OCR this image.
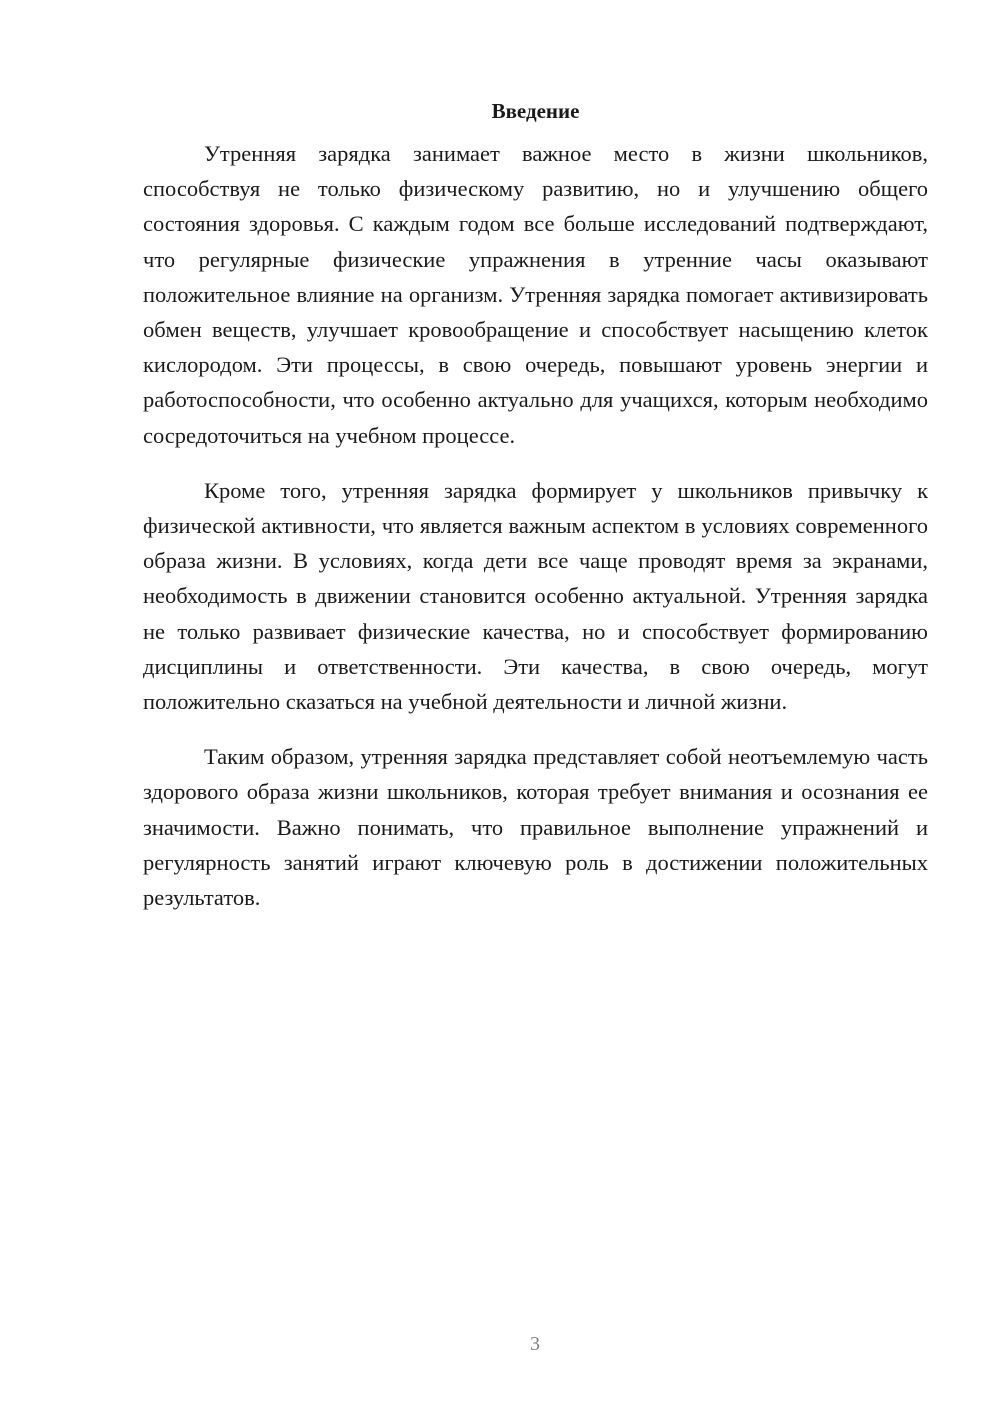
Введение

Утренняя зарядка занимает важное место в жизни школьников, способствуя не только физическому развитию, но и улучшению общего состояния здоровья. С каждым годом все больше исследований подтверждают, что регулярные физические упражнения в утренние часы оказывают положительное влияние на организм. Утренняя зарядка помогает активизировать обмен веществ, улучшает кровообращение и способствует насыщению клеток кислородом. Эти процессы, в свою очередь, повышают уровень энергии и работоспособности, что особенно актуально для учащихся, которым необходимо сосредоточиться на учебном процессе.

Кроме того, утренняя зарядка формирует у школьников привычку к физической активности, что является важным аспектом в условиях современного образа жизни. В условиях, когда дети все чаще проводят время за экранами, необходимость в движении становится особенно актуальной. Утренняя зарядка не только развивает физические качества, но и способствует формированию дисциплины и ответственности. Эти качества, в свою очередь, могут положительно сказаться на учебной деятельности и личной жизни.

Таким образом, утренняя зарядка представляет собой неотъемлемую часть здорового образа жизни школьников, которая требует внимания и осознания ее значимости. Важно понимать, что правильное выполнение упражнений и регулярность занятий играют ключевую роль в достижении положительных результатов.

3
